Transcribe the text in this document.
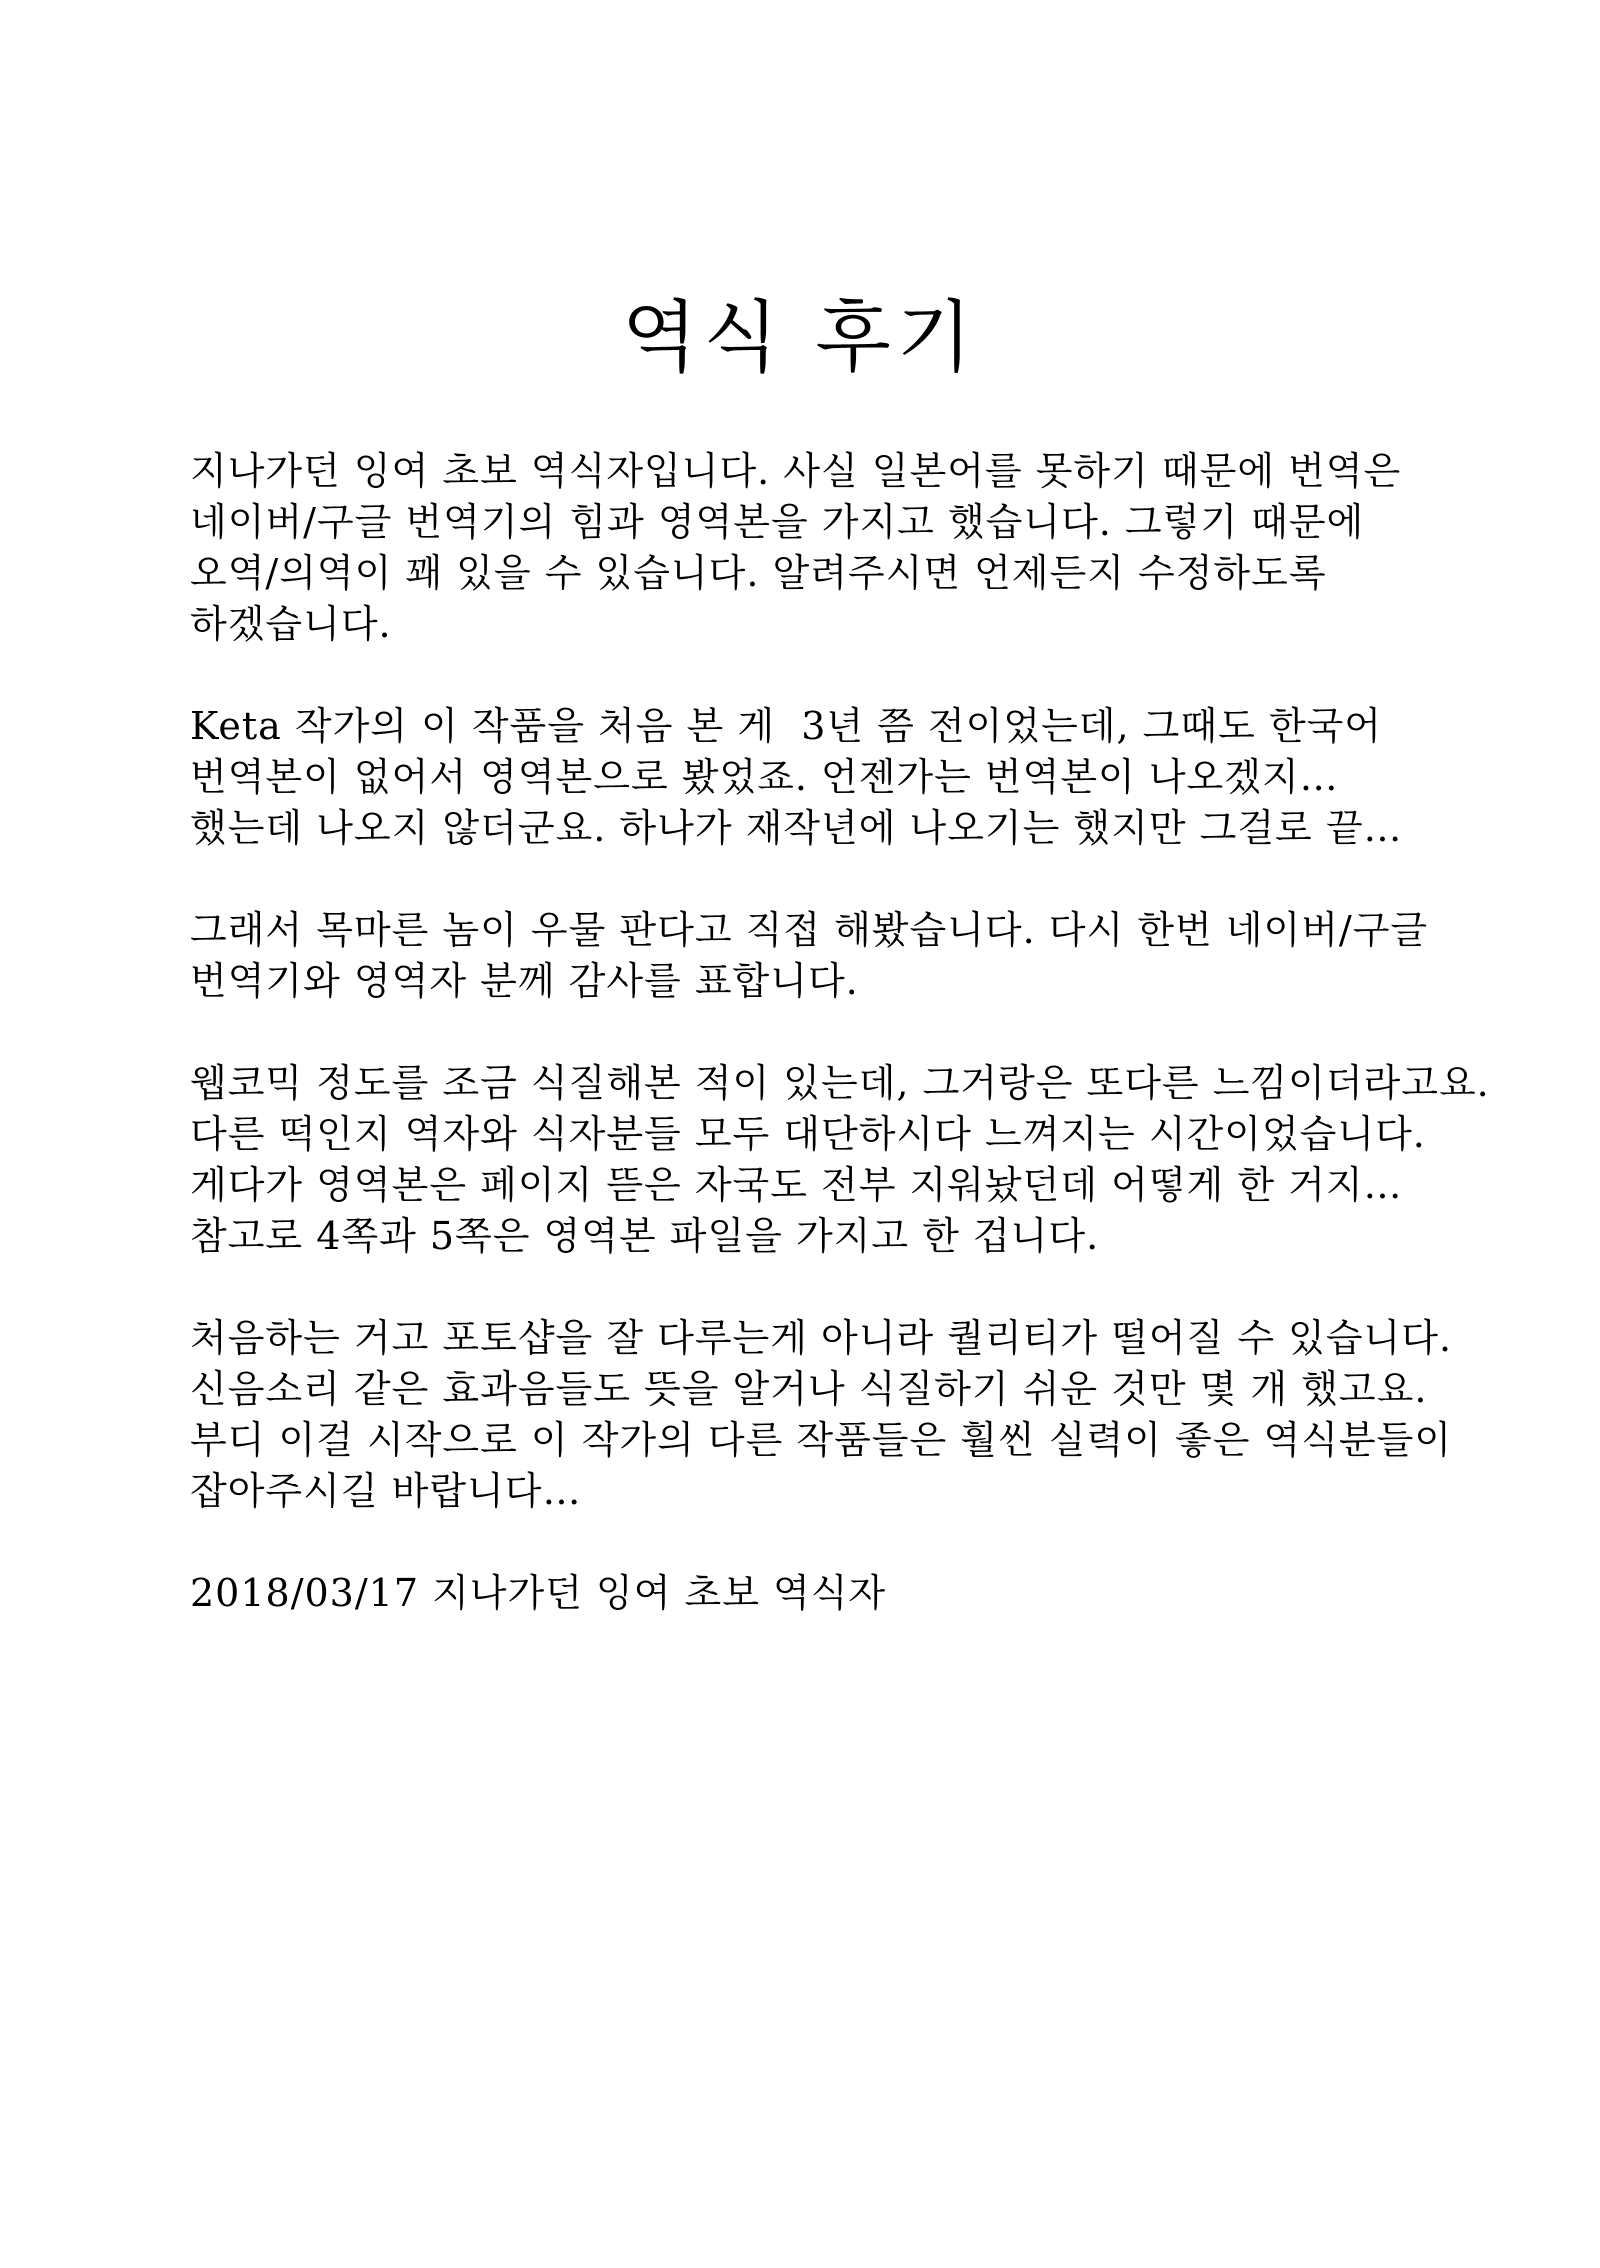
역식 후기

지나가던 잉여 초보 역식자입니다. 사실 일본어를 못하기 때문에 번역은
네이버/구글 번역기의 힘과 영역본을 가지고 했습니다. 그렇기 때문에
오역/의역이 꽤 있을 수 있습니다. 알려주시면 언제든지 수정하도록
하겠습니다.

Keta 작가의 이 작품을 처음 본 게  3년 쯤 전이었는데, 그때도 한국어
번역본이 없어서 영역본으로 봤었죠. 언젠가는 번역본이 나오겠지…
했는데 나오지 않더군요. 하나가 재작년에 나오기는 했지만 그걸로 끝…

그래서 목마른 놈이 우물 판다고 직접 해봤습니다. 다시 한번 네이버/구글
번역기와 영역자 분께 감사를 표합니다.

웹코믹 정도를 조금 식질해본 적이 있는데, 그거랑은 또다른 느낌이더라고요.
다른 떡인지 역자와 식자분들 모두 대단하시다 느껴지는 시간이었습니다.
게다가 영역본은 페이지 뜯은 자국도 전부 지워놨던데 어떻게 한 거지…
참고로 4쪽과 5쪽은 영역본 파일을 가지고 한 겁니다.

처음하는 거고 포토샵을 잘 다루는게 아니라 퀄리티가 떨어질 수 있습니다.
신음소리 같은 효과음들도 뜻을 알거나 식질하기 쉬운 것만 몇 개 했고요.
부디 이걸 시작으로 이 작가의 다른 작품들은 훨씬 실력이 좋은 역식분들이
잡아주시길 바랍니다…

2018/03/17 지나가던 잉여 초보 역식자
